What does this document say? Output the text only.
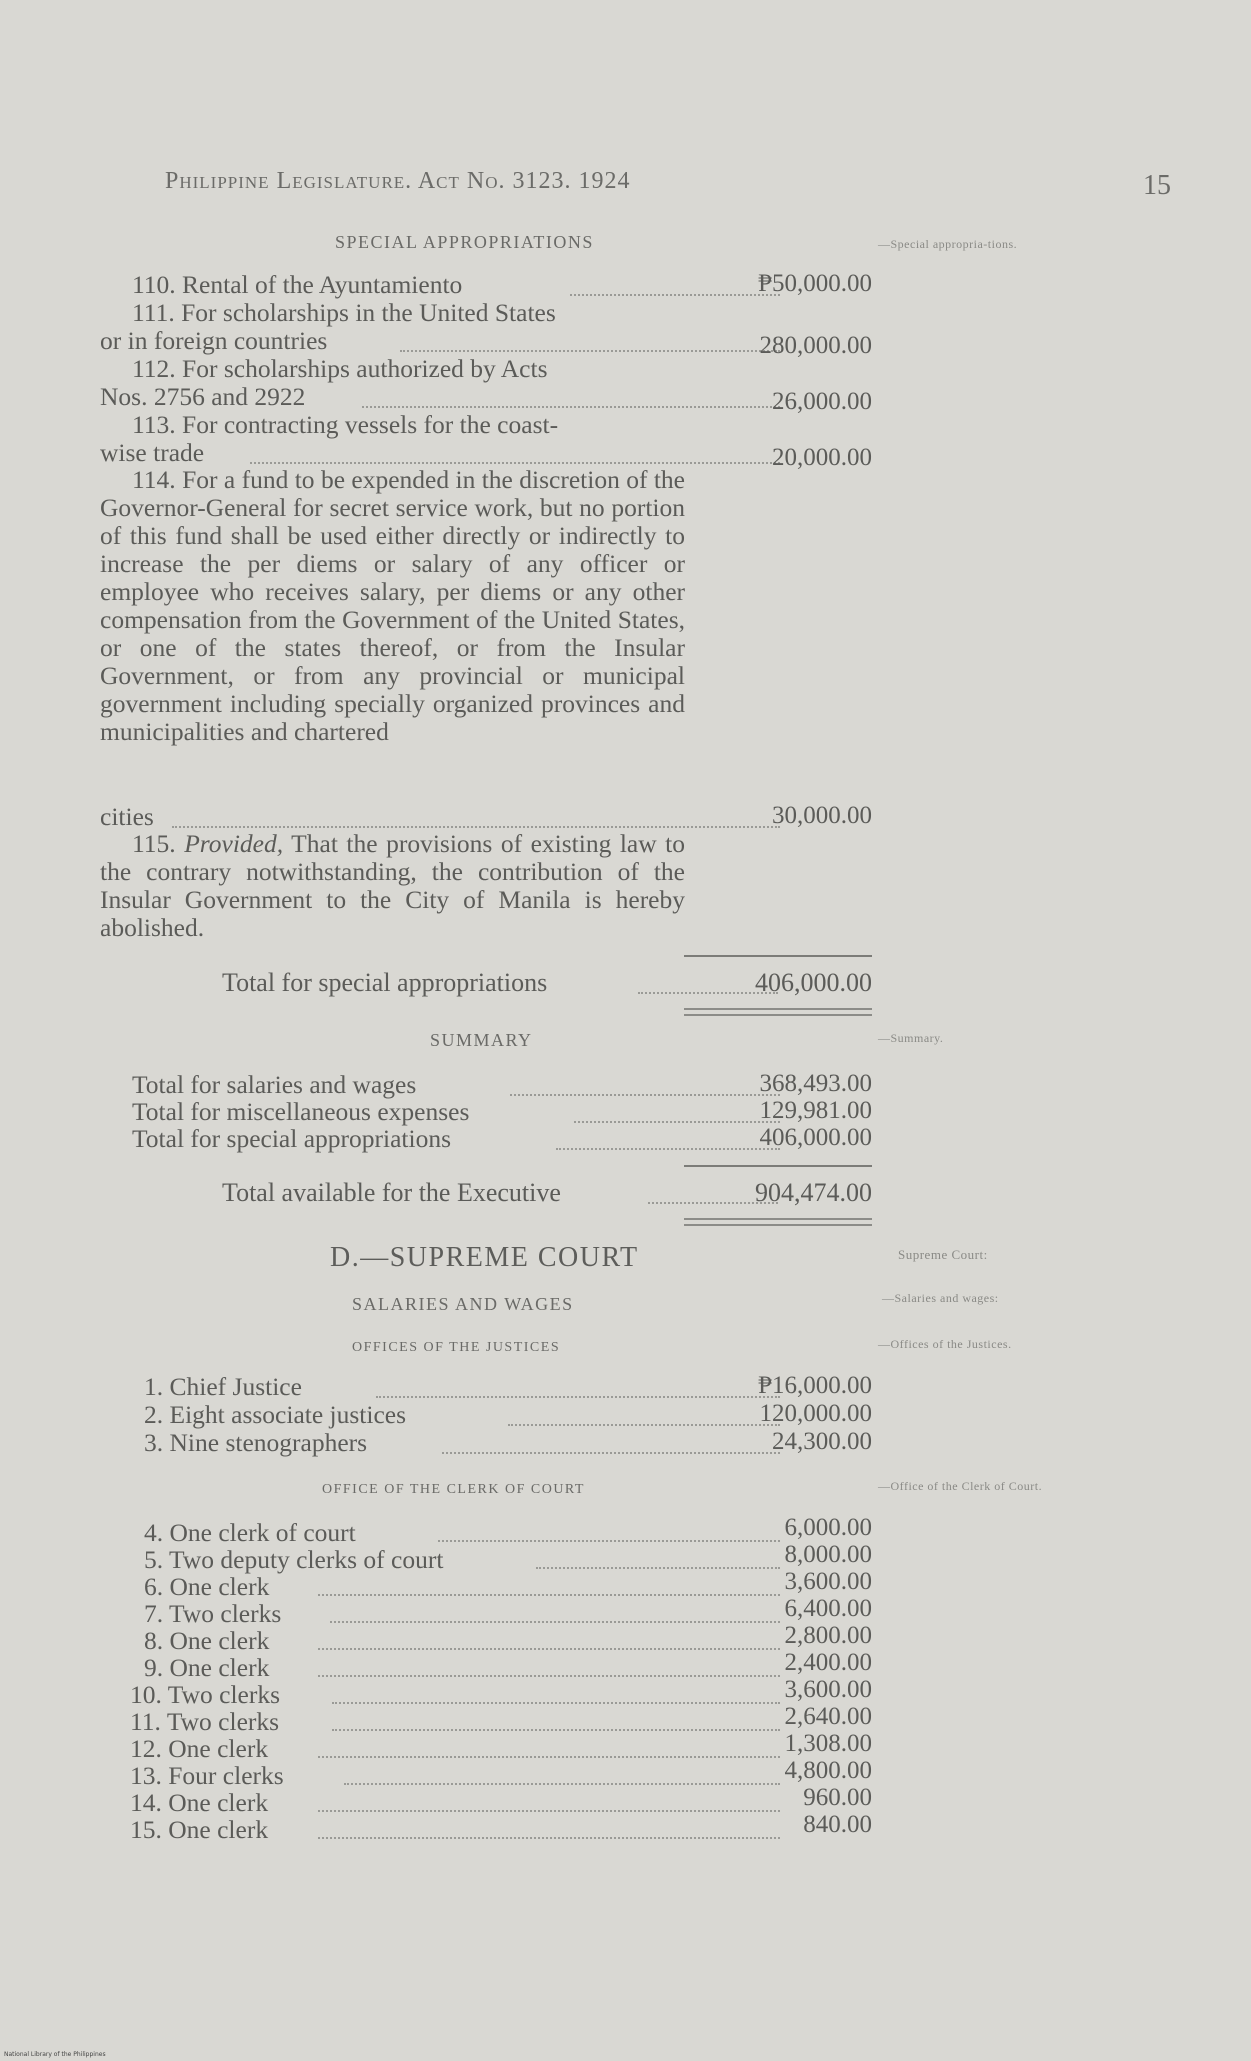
Philippine Legislature. Act No. 3123. 1924	15
SPECIAL APPROPRIATIONS	—Special appropria-tions.
110. Rental of the Ayuntamiento	₱50,000.00
111. For scholarships in the United States
or in foreign countries	280,000.00
112. For scholarships authorized by Acts
Nos. 2756 and 2922	26,000.00
113. For contracting vessels for the coast-
wise trade	20,000.00
114. For a fund to be expended in the discretion of the Governor-General for secret service work, but no portion of this fund shall be used either directly or indirectly to increase the per diems or salary of any officer or employee who receives salary, per diems or any other compensation from the Government of the United States, or one of the states thereof, or from the Insular Government, or from any provincial or municipal government including specially organized provinces and municipalities and chartered
cities	30,000.00
115. Provided, That the provisions of existing law to the contrary notwithstanding, the contribution of the Insular Government to the City of Manila is hereby abolished.
Total for special appropriations	406,000.00
SUMMARY	—Summary.
Total for salaries and wages	368,493.00
Total for miscellaneous expenses	129,981.00
Total for special appropriations	406,000.00
Total available for the Executive	904,474.00
D.—SUPREME COURT	Supreme Court:
SALARIES AND WAGES	—Salaries and wages:
OFFICES OF THE JUSTICES	—Offices of the Justices.
1. Chief Justice	₱16,000.00
2. Eight associate justices	120,000.00
3. Nine stenographers	24,300.00
OFFICE OF THE CLERK OF COURT	—Office of the Clerk of Court.
4. One clerk of court	6,000.00
5. Two deputy clerks of court	8,000.00
6. One clerk	3,600.00
7. Two clerks	6,400.00
8. One clerk	2,800.00
9. One clerk	2,400.00
10. Two clerks	3,600.00
11. Two clerks	2,640.00
12. One clerk	1,308.00
13. Four clerks	4,800.00
14. One clerk	960.00
15. One clerk	840.00
National Library of the Philippines
